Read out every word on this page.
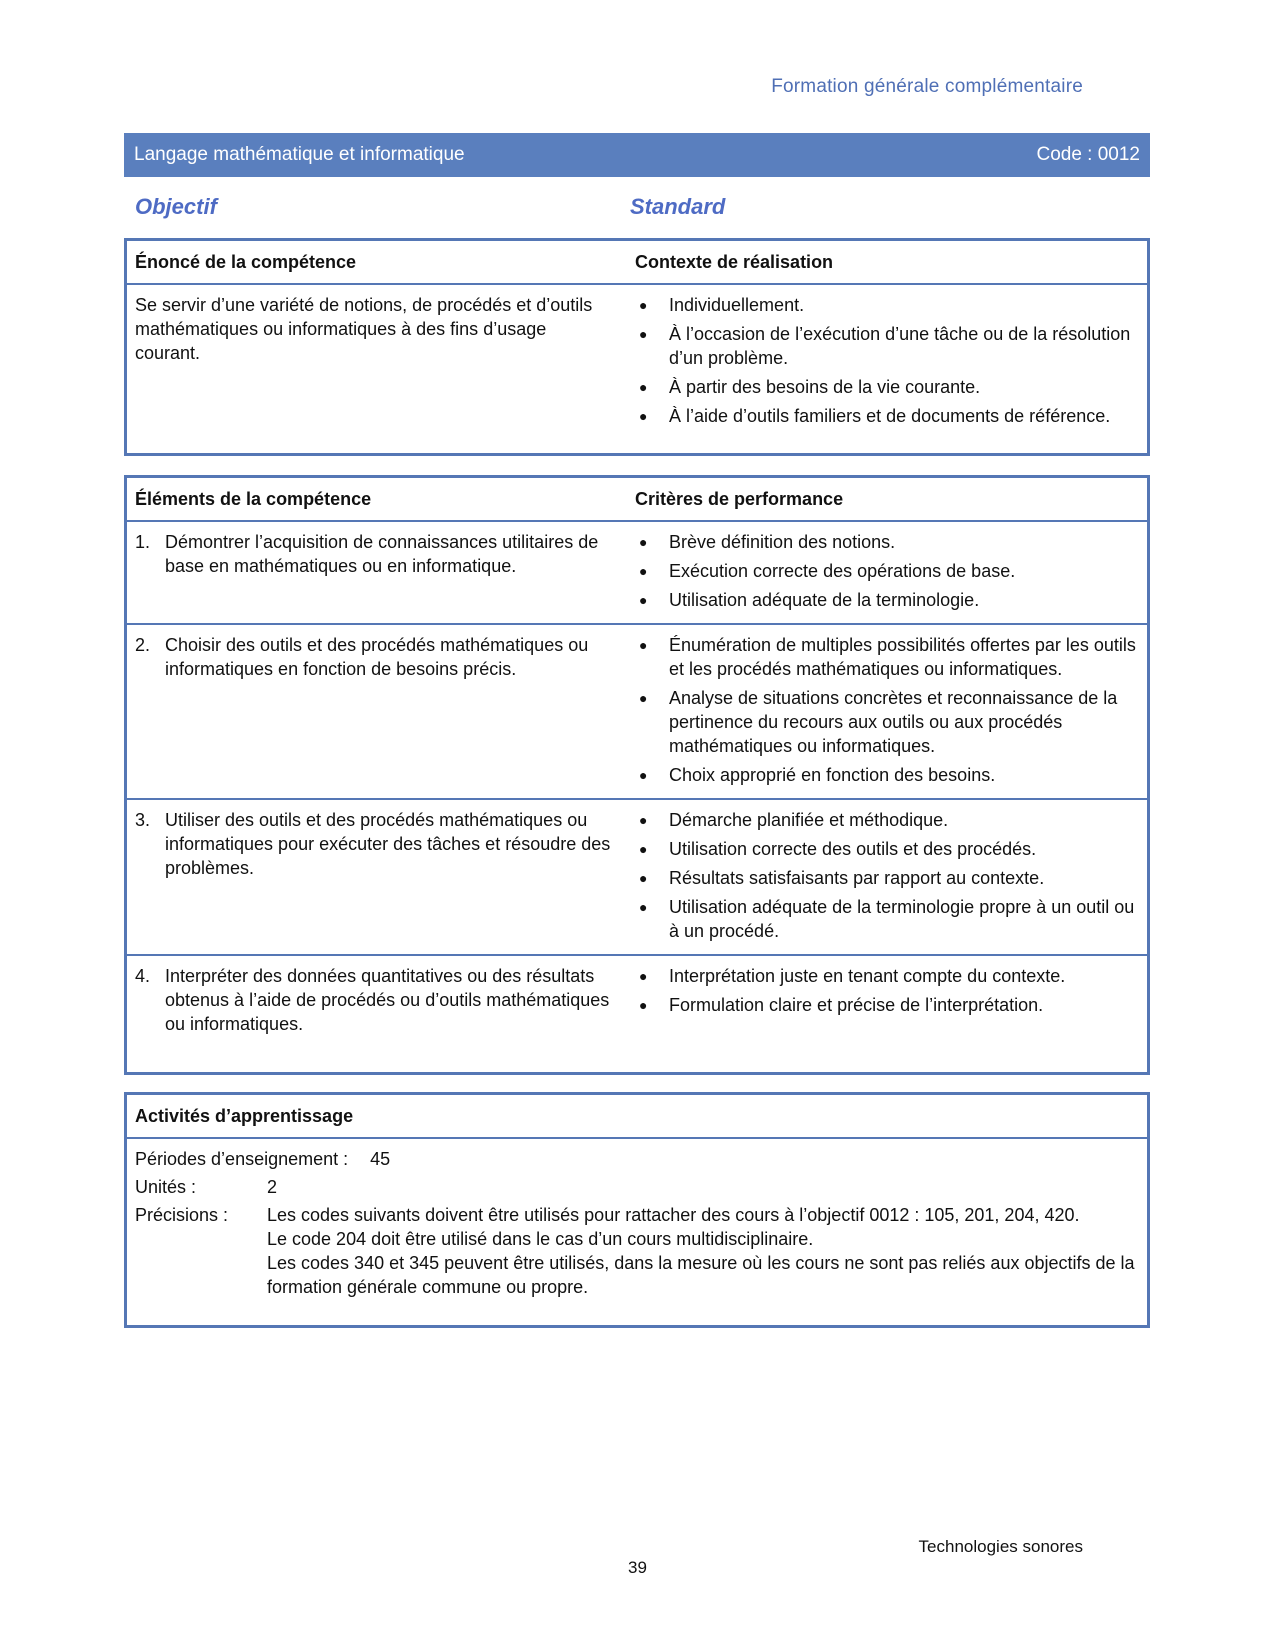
Formation générale complémentaire
Langage mathématique et informatique	Code : 0012
Objectif	Standard
Énoncé de la compétence	Contexte de réalisation
Se servir d’une variété de notions, de procédés et d’outils mathématiques ou informatiques à des fins d’usage courant.
●	Individuellement.
●	À l’occasion de l’exécution d’une tâche ou de la résolution d’un problème.
●	À partir des besoins de la vie courante.
●	À l’aide d’outils familiers et de documents de référence.
Éléments de la compétence	Critères de performance
1. Démontrer l’acquisition de connaissances utilitaires de base en mathématiques ou en informatique.
●	Brève définition des notions.
●	Exécution correcte des opérations de base.
●	Utilisation adéquate de la terminologie.
2. Choisir des outils et des procédés mathématiques ou informatiques en fonction de besoins précis.
●	Énumération de multiples possibilités offertes par les outils et les procédés mathématiques ou informatiques.
●	Analyse de situations concrètes et reconnaissance de la pertinence du recours aux outils ou aux procédés mathématiques ou informatiques.
●	Choix approprié en fonction des besoins.
3. Utiliser des outils et des procédés mathématiques ou informatiques pour exécuter des tâches et résoudre des problèmes.
●	Démarche planifiée et méthodique.
●	Utilisation correcte des outils et des procédés.
●	Résultats satisfaisants par rapport au contexte.
●	Utilisation adéquate de la terminologie propre à un outil ou à un procédé.
4. Interpréter des données quantitatives ou des résultats obtenus à l’aide de procédés ou d’outils mathématiques ou informatiques.
●	Interprétation juste en tenant compte du contexte.
●	Formulation claire et précise de l’interprétation.
Activités d’apprentissage
Périodes d’enseignement : 45
Unités :	2
Précisions :	Les codes suivants doivent être utilisés pour rattacher des cours à l’objectif 0012 : 105, 201, 204, 420.
Le code 204 doit être utilisé dans le cas d’un cours multidisciplinaire.
Les codes 340 et 345 peuvent être utilisés, dans la mesure où les cours ne sont pas reliés aux objectifs de la formation générale commune ou propre.
Technologies sonores
39
